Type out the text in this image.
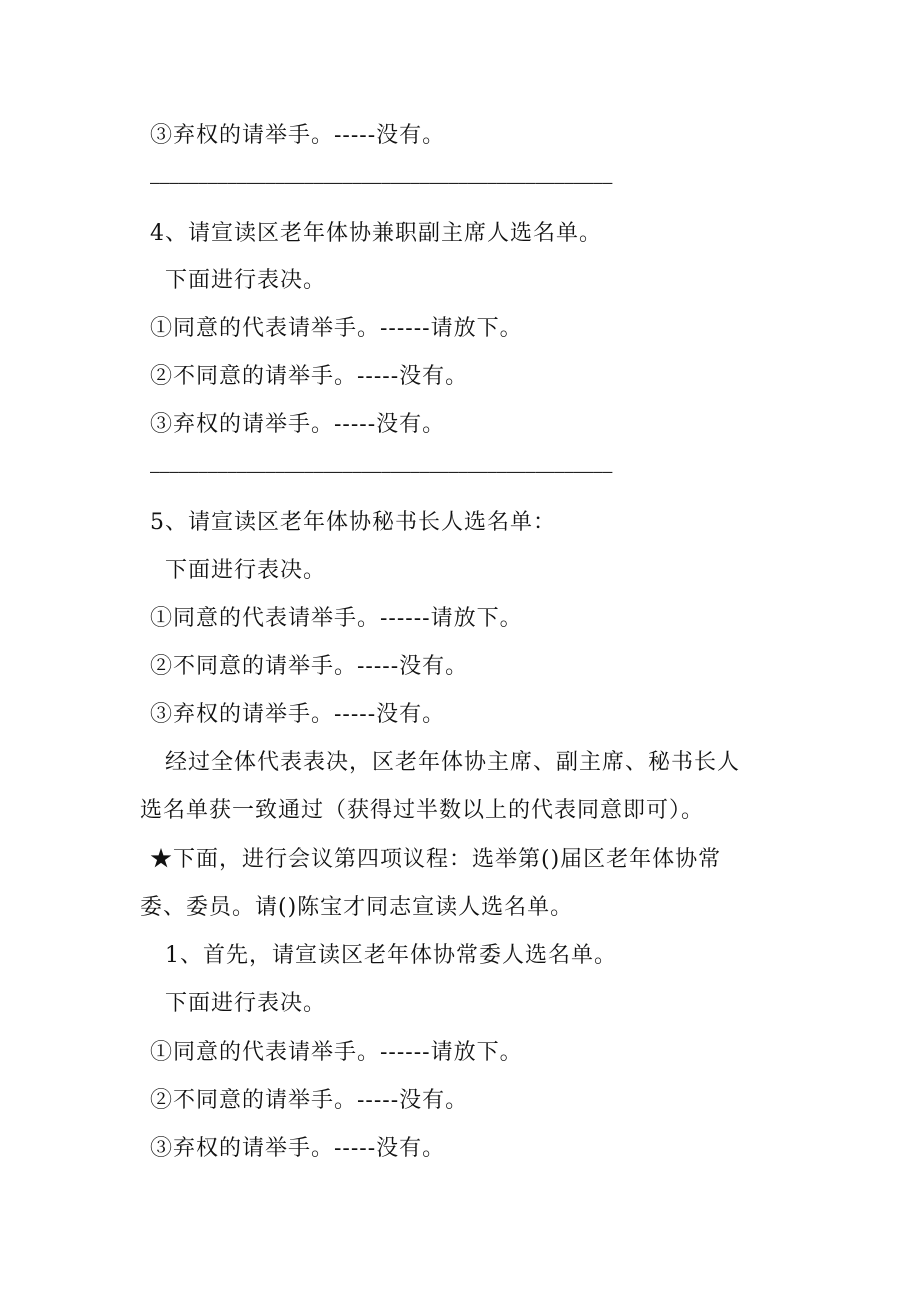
③弃权的请举手。-----没有。
————————————————————————————————————————————————
4、请宣读区老年体协兼职副主席人选名单。
下面进行表决。
①同意的代表请举手。------请放下。
②不同意的请举手。-----没有。
③弃权的请举手。-----没有。
————————————————————————————————————————————————
5、请宣读区老年体协秘书长人选名单：
下面进行表决。
①同意的代表请举手。------请放下。
②不同意的请举手。-----没有。
③弃权的请举手。-----没有。
经过全体代表表决，区老年体协主席、副主席、秘书长人
选名单获一致通过（获得过半数以上的代表同意即可）。
★下面，进行会议第四项议程：选举第()届区老年体协常
委、委员。请()陈宝才同志宣读人选名单。
1、首先，请宣读区老年体协常委人选名单。
下面进行表决。
①同意的代表请举手。------请放下。
②不同意的请举手。-----没有。
③弃权的请举手。-----没有。
